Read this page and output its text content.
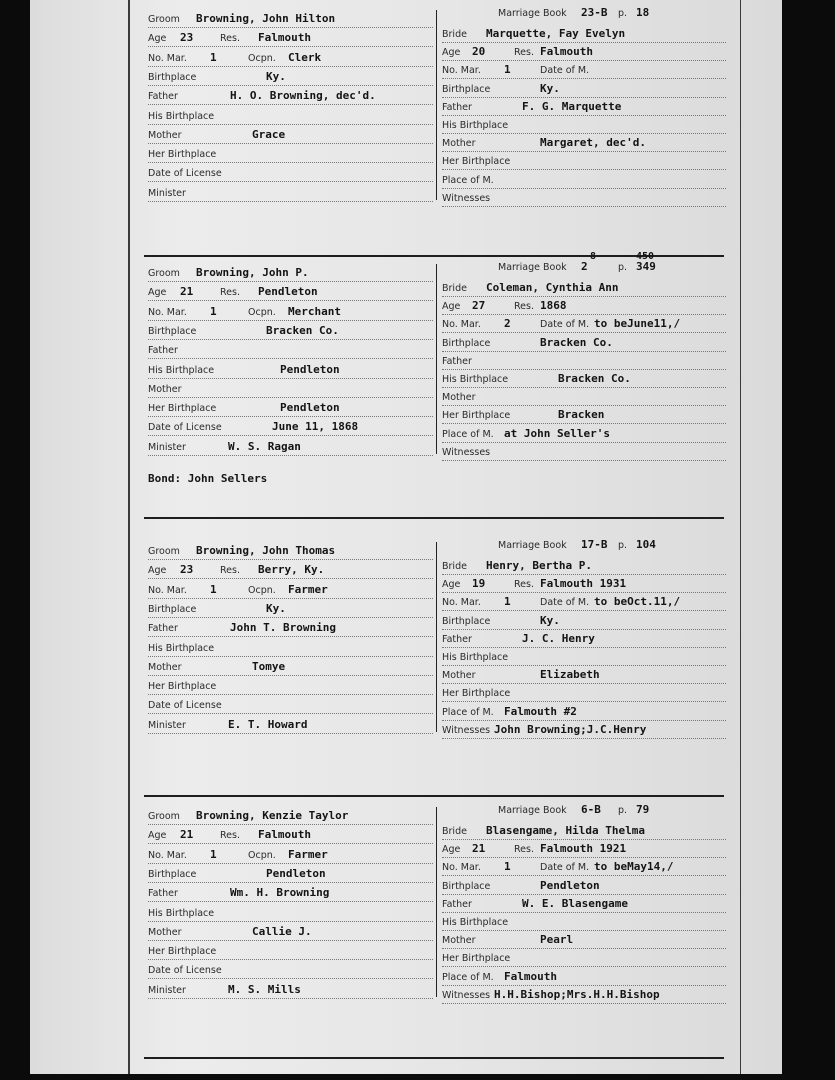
Groom Browning, John Hilton
Age 23	Res. Falmouth
No. Mar. 1	Ocpn. Clerk
Birthplace	Ky.
Father	H. O. Browning, dec'd.
His Birthplace
Mother	Grace
Her Birthplace
Date of License
Minister
Marriage Book 23-B p. 18
Bride Marquette, Fay Evelyn
Age 20	Res. Falmouth
No. Mar. 1	Date of M.
Birthplace	Ky.
Father	F. G. Marquette
His Birthplace
Mother	Margaret, dec'd.
Her Birthplace
Place of M.
Witnesses
Groom Browning, John P.
Age 21	Res. Pendleton
No. Mar. 1	Ocpn. Merchant
Birthplace	Bracken Co.
Father
His Birthplace	Pendleton
Mother
Her Birthplace	Pendleton
Date of License	June 11, 1868
Minister	W. S. Ragan
Marriage Book 2	p. 349
8	450
Bride Coleman, Cynthia Ann
Age 27	Res. 1868
No. Mar. 2	Date of M. to beJune11,/
Birthplace	Bracken Co.
Father
His Birthplace	Bracken Co.
Mother
Her Birthplace	Bracken
Place of M. at John Seller's
Witnesses
Bond: John Sellers
Groom Browning, John Thomas
Age 23	Res. Berry, Ky.
No. Mar. 1	Ocpn. Farmer
Birthplace	Ky.
Father	John T. Browning
His Birthplace
Mother	Tomye
Her Birthplace
Date of License
Minister	E. T. Howard
Marriage Book 17-B p. 104
Bride Henry, Bertha P.
Age 19	Res. Falmouth 1931
No. Mar. 1	Date of M. to beOct.11,/
Birthplace	Ky.
Father	J. C. Henry
His Birthplace
Mother	Elizabeth
Her Birthplace
Place of M. Falmouth #2
Witnesses John Browning;J.C.Henry
Groom Browning, Kenzie Taylor
Age 21	Res. Falmouth
No. Mar. 1	Ocpn. Farmer
Birthplace	Pendleton
Father	Wm. H. Browning
His Birthplace
Mother	Callie J.
Her Birthplace
Date of License
Minister	M. S. Mills
Marriage Book 6-B p. 79
Bride Blasengame, Hilda Thelma
Age 21	Res. Falmouth 1921
No. Mar. 1	Date of M. to beMay14,/
Birthplace	Pendleton
Father	W. E. Blasengame
His Birthplace
Mother	Pearl
Her Birthplace
Place of M. Falmouth
Witnesses H.H.Bishop;Mrs.H.H.Bishop
